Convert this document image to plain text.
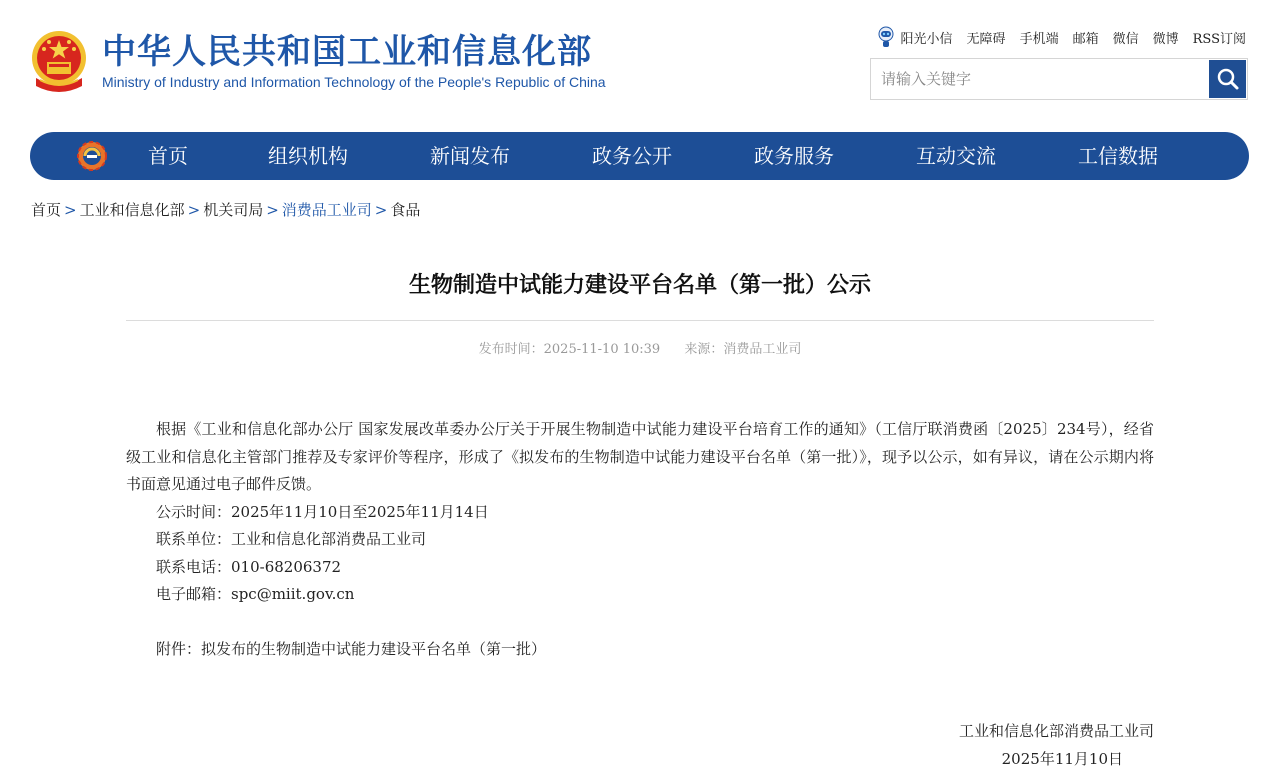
中华人民共和国工业和信息化部
Ministry of Industry and Information Technology of the People's Republic of China
阳光小信 无障碍 手机端 邮箱 微信 微博 RSS订阅
请输入关键字
首页	组织机构	新闻发布	政务公开	政务服务	互动交流	工信数据
首页 > 工业和信息化部 > 机关司局 > 消费品工业司 > 食品
生物制造中试能力建设平台名单（第一批）公示
发布时间：2025-11-10 10:39 来源：消费品工业司

根据《工业和信息化部办公厅 国家发展改革委办公厅关于开展生物制造中试能力建设平台培育工作的通知》（工信厅联消费函〔2025〕234号），经省级工业和信息化主管部门推荐及专家评价等程序，形成了《拟发布的生物制造中试能力建设平台名单（第一批）》，现予以公示，如有异议，请在公示期内将书面意见通过电子邮件反馈。

公示时间：2025年11月10日至2025年11月14日

联系单位：工业和信息化部消费品工业司

联系电话：010-68206372

电子邮箱：spc@miit.gov.cn

附件：拟发布的生物制造中试能力建设平台名单（第一批）

工业和信息化部消费品工业司
2025年11月10日
